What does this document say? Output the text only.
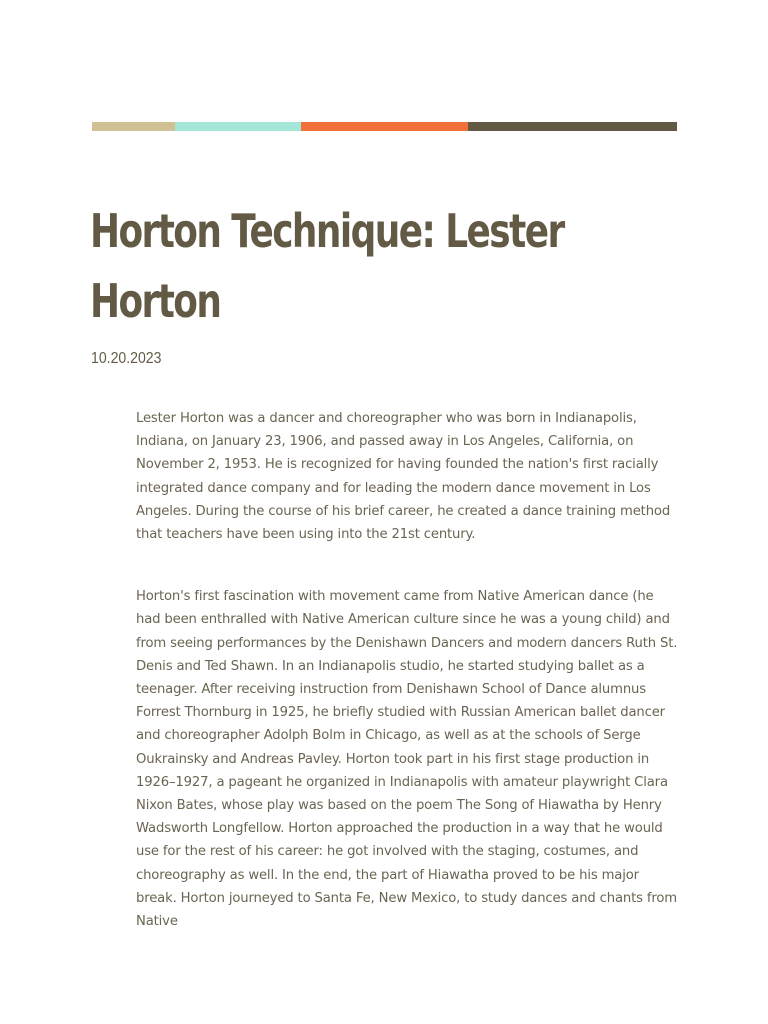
Horton Technique: Lester Horton
10.20.2023

Lester Horton was a dancer and choreographer who was born in Indianapolis, Indiana, on January 23, 1906, and passed away in Los Angeles, California, on November 2, 1953. He is recognized for having founded the nation's first racially integrated dance company and for leading the modern dance movement in Los Angeles. During the course of his brief career, he created a dance training method that teachers have been using into the 21st century.

Horton's first fascination with movement came from Native American dance (he had been enthralled with Native American culture since he was a young child) and from seeing performances by the Denishawn Dancers and modern dancers Ruth St. Denis and Ted Shawn. In an Indianapolis studio, he started studying ballet as a teenager. After receiving instruction from Denishawn School of Dance alumnus Forrest Thornburg in 1925, he briefly studied with Russian American ballet dancer and choreographer Adolph Bolm in Chicago, as well as at the schools of Serge Oukrainsky and Andreas Pavley. Horton took part in his first stage production in 1926–1927, a pageant he organized in Indianapolis with amateur playwright Clara Nixon Bates, whose play was based on the poem The Song of Hiawatha by Henry Wadsworth Longfellow. Horton approached the production in a way that he would use for the rest of his career: he got involved with the staging, costumes, and choreography as well. In the end, the part of Hiawatha proved to be his major break. Horton journeyed to Santa Fe, New Mexico, to study dances and chants from Native
